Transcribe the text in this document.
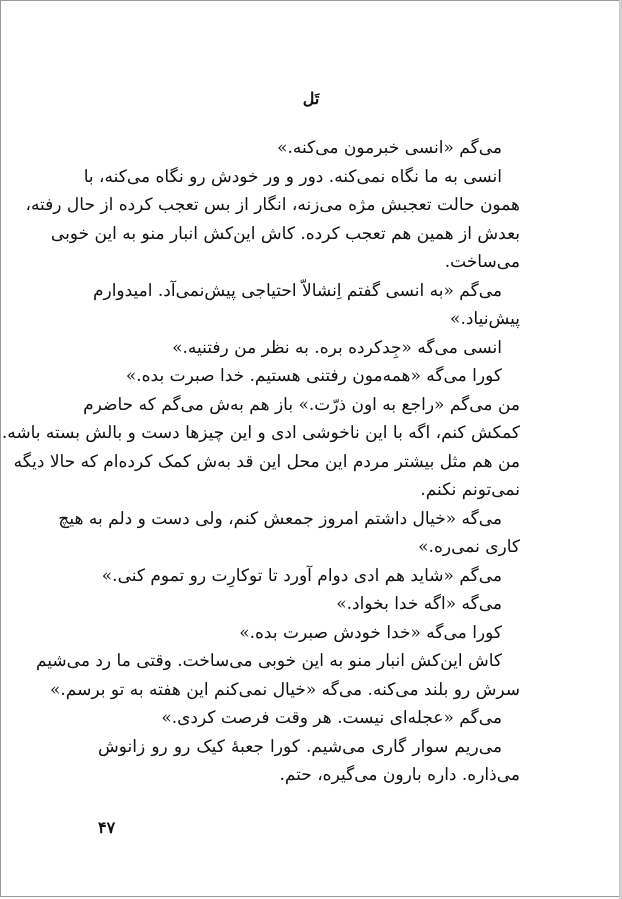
تَل
می‌گم «انسی خبرمون می‌کنه.»
انسی به ما نگاه نمی‌کنه. دور و ور خودش رو نگاه می‌کنه، با
همون حالت تعجبش مژه می‌زنه، انگار از بس تعجب کرده از حال رفته،
بعدش از همین هم تعجب کرده. کاش این‌کش انبار منو به این خوبی
می‌ساخت.
می‌گم «به انسی گفتم اِنشالاّ احتیاجی پیش‌نمی‌آد. امیدوارم
پیش‌نیاد.»
انسی می‌گه «جِدکرده بره. به نظر من رفتنیه.»
کورا می‌گه «همه‌مون رفتنی هستیم. خدا صبرت بده.»
من می‌گم «راجع به اون ذرّت.» باز هم به‌ش می‌گم که حاضرم
کمکش کنم، اگه با این ناخوشی ادی و این چیزها دست و بالش بسته باشه.
من هم مثل بیشتر مردم این محل این قد به‌ش کمک کرده‌ام که حالا دیگه
نمی‌تونم نکنم.
می‌گه «خیال داشتم امروز جمعش کنم، ولی دست و دلم به هیچ
کاری نمی‌ره.»
می‌گم «شاید هم ادی دوام آورد تا توکارِت رو تموم کنی.»
می‌گه «اگه خدا بخواد.»
کورا می‌گه «خدا خودش صبرت بده.»
کاش این‌کش انبار منو به این خوبی می‌ساخت. وقتی ما رد می‌شیم
سرش رو بلند می‌کنه. می‌گه «خیال نمی‌کنم این هفته به تو برسم.»
می‌گم «عجله‌ای نیست. هر وقت فرصت کردی.»
می‌ریم سوار گاری می‌شیم. کورا جعبۀ کیک رو رو زانوش
می‌ذاره. داره بارون می‌گیره، حتم.
۴۷
